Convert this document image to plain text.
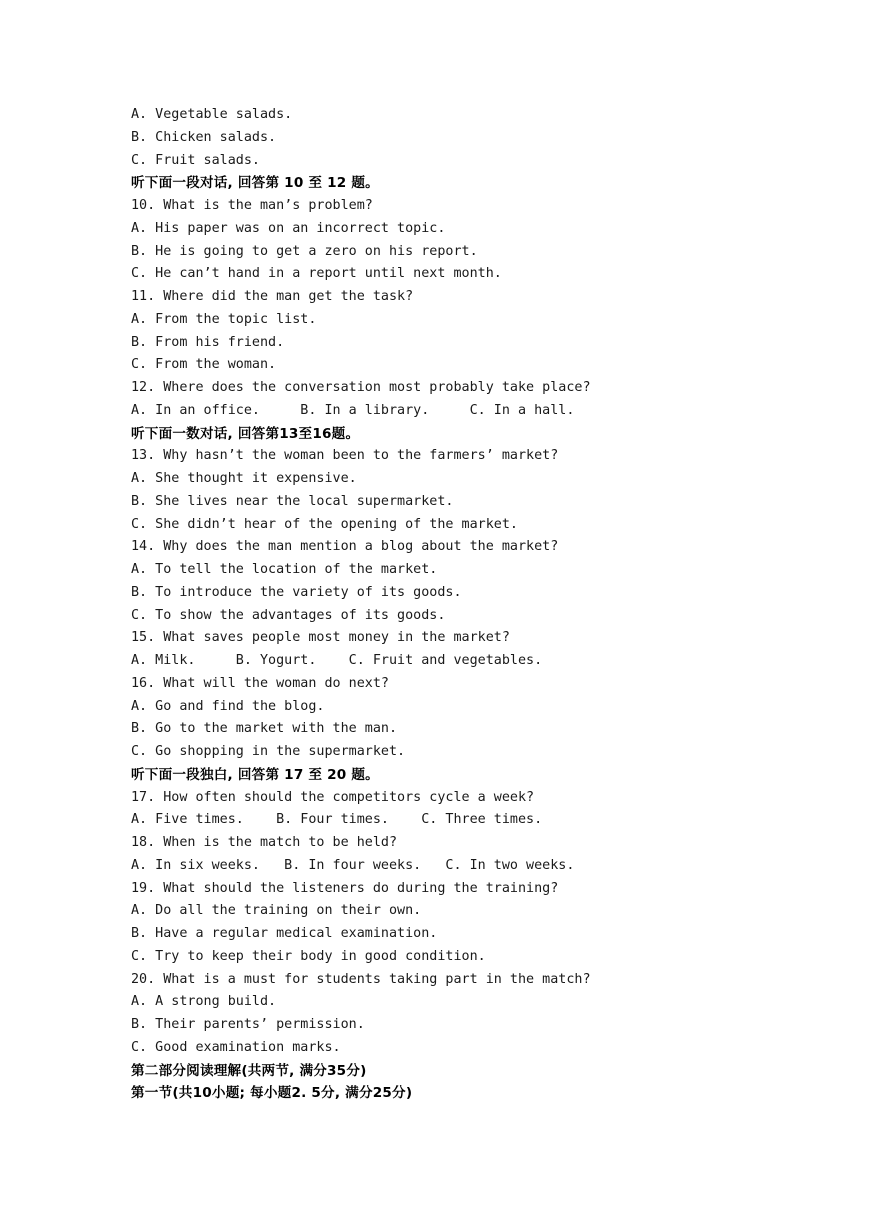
A. Vegetable salads.
B. Chicken salads.
C. Fruit salads.
听下面一段对话, 回答第 10 至 12 题。
10. What is the man’s problem?
A. His paper was on an incorrect topic.
B. He is going to get a zero on his report.
C. He can’t hand in a report until next month.
11. Where did the man get the task?
A. From the topic list.
B. From his friend.
C. From the woman.
12. Where does the conversation most probably take place?
A. In an office.     B. In a library.     C. In a hall.
听下面一数对话, 回答第13至16题。
13. Why hasn’t the woman been to the farmers’ market?
A. She thought it expensive.
B. She lives near the local supermarket.
C. She didn’t hear of the opening of the market.
14. Why does the man mention a blog about the market?
A. To tell the location of the market.
B. To introduce the variety of its goods.
C. To show the advantages of its goods.
15. What saves people most money in the market?
A. Milk.     B. Yogurt.    C. Fruit and vegetables.
16. What will the woman do next?
A. Go and find the blog.
B. Go to the market with the man.
C. Go shopping in the supermarket.
听下面一段独白, 回答第 17 至 20 题。
17. How often should the competitors cycle a week?
A. Five times.    B. Four times.    C. Three times.
18. When is the match to be held?
A. In six weeks.   B. In four weeks.   C. In two weeks.
19. What should the listeners do during the training?
A. Do all the training on their own.
B. Have a regular medical examination.
C. Try to keep their body in good condition.
20. What is a must for students taking part in the match?
A. A strong build.
B. Their parents’ permission.
C. Good examination marks.
第二部分阅读理解(共两节, 满分35分)
第一节(共10小题; 每小题2. 5分, 满分25分)
